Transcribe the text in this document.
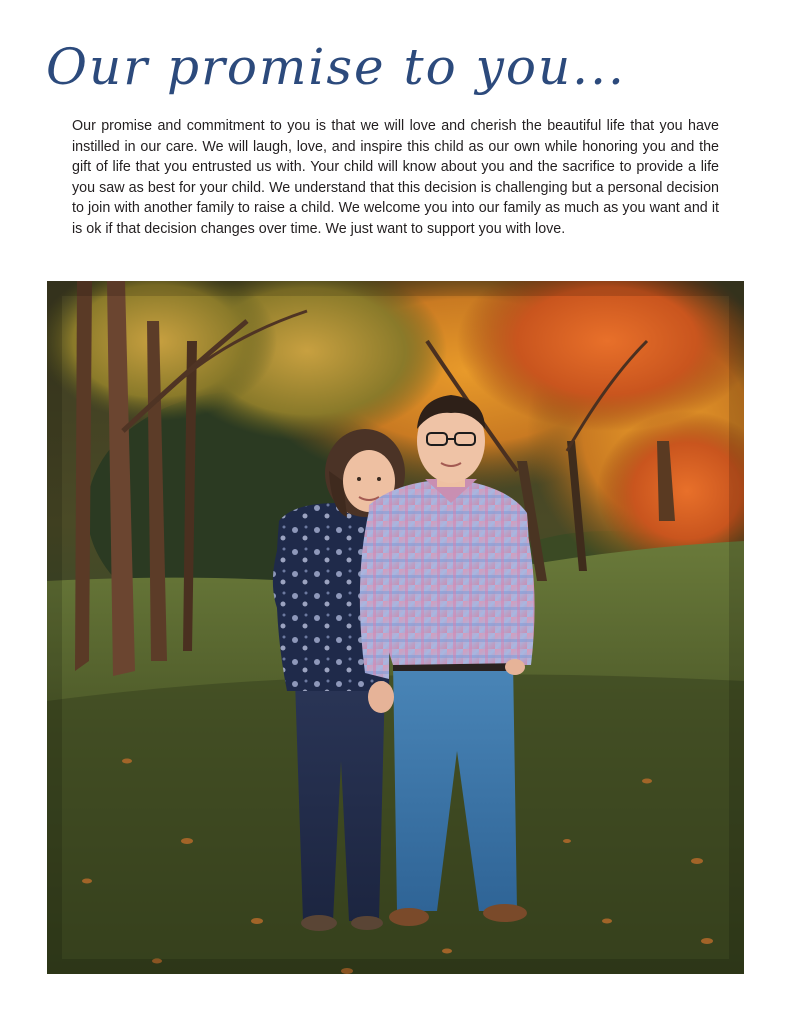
Our promise to you...

Our promise and commitment to you is that we will love and cherish the beautiful life that you have instilled in our care. We will laugh, love, and inspire this child as our own while honoring you and the gift of life that you entrusted us with. Your child will know about you and the sacrifice to provide a life you saw as best for your child. We understand that this decision is challenging but a personal decision to join with another family to raise a child. We welcome you into our family as much as you want and it is ok if that decision changes over time. We just want to support you with love.
